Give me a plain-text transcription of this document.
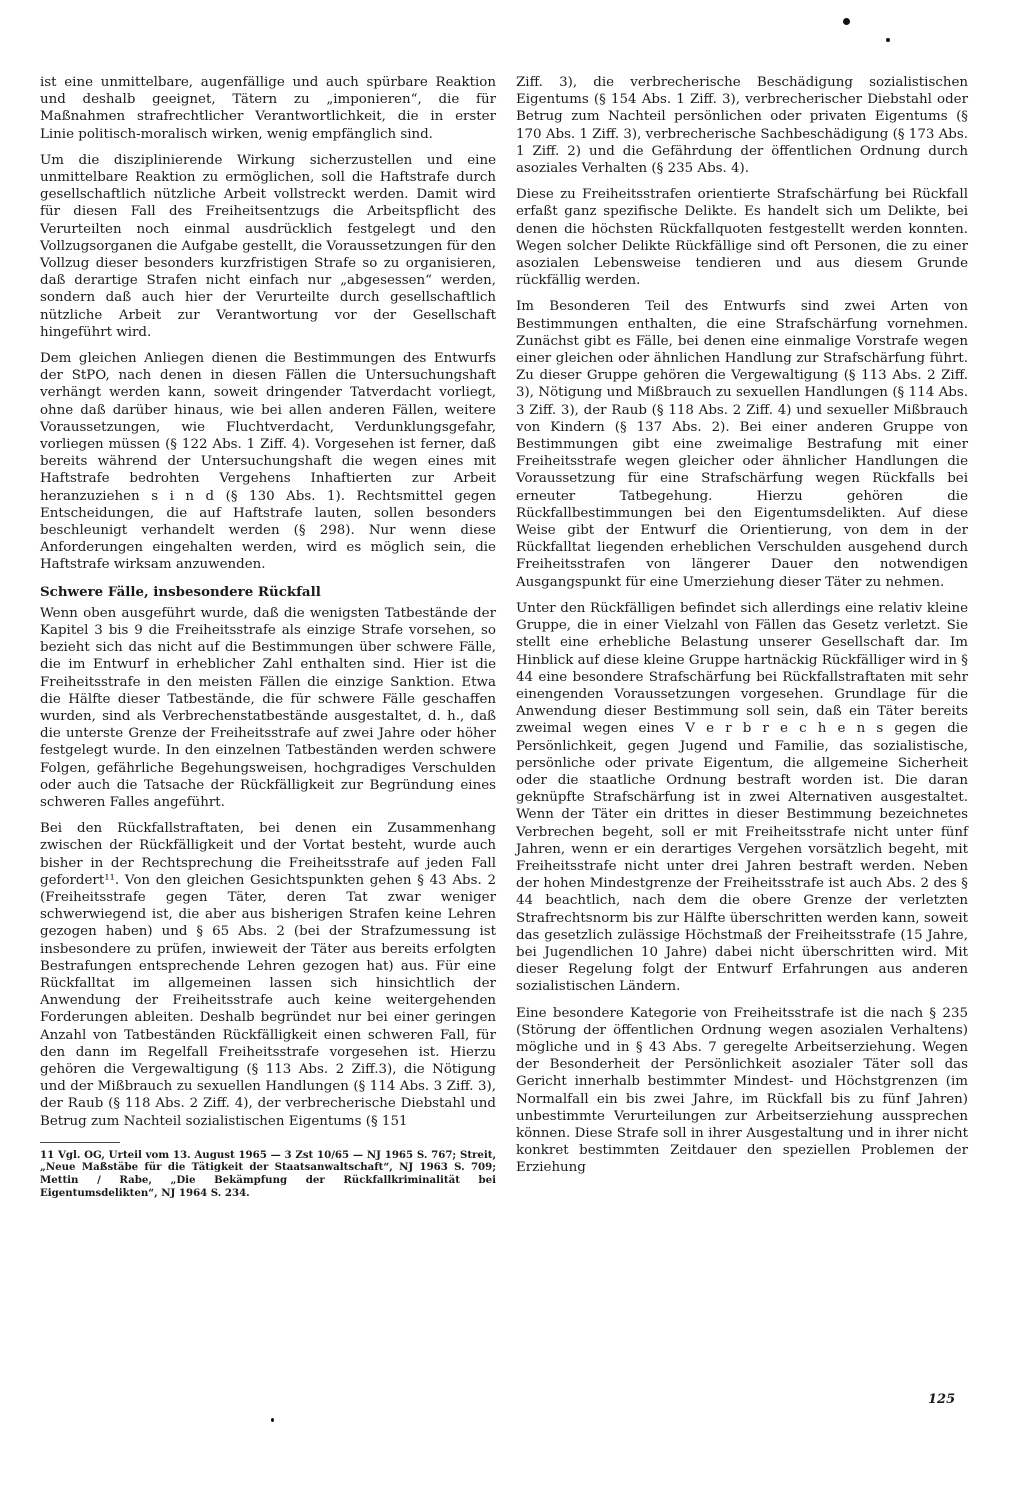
ist eine unmittelbare, augenfällige und auch spürbare Reaktion und deshalb geeignet, Tätern zu „imponieren“, die für Maßnahmen strafrechtlicher Verantwortlichkeit, die in erster Linie politisch-moralisch wirken, wenig empfänglich sind.

Um die disziplinierende Wirkung sicherzustellen und eine unmittelbare Reaktion zu ermöglichen, soll die Haftstrafe durch gesellschaftlich nützliche Arbeit vollstreckt werden. Damit wird für diesen Fall des Freiheitsentzugs die Arbeitspflicht des Verurteilten noch einmal ausdrücklich festgelegt und den Vollzugsorganen die Aufgabe gestellt, die Voraussetzungen für den Vollzug dieser besonders kurzfristigen Strafe so zu organisieren, daß derartige Strafen nicht einfach nur „abgesessen“ werden, sondern daß auch hier der Verurteilte durch gesellschaftlich nützliche Arbeit zur Verantwortung vor der Gesellschaft hingeführt wird.

Dem gleichen Anliegen dienen die Bestimmungen des Entwurfs der StPO, nach denen in diesen Fällen die Untersuchungshaft verhängt werden kann, soweit dringender Tatverdacht vorliegt, ohne daß darüber hinaus, wie bei allen anderen Fällen, weitere Voraussetzungen, wie Fluchtverdacht, Verdunklungsgefahr, vorliegen müssen (§ 122 Abs. 1 Ziff. 4). Vorgesehen ist ferner, daß bereits während der Untersuchungshaft die wegen eines mit Haftstrafe bedrohten Vergehens Inhaftierten zur Arbeit heranzuziehen s i n d (§ 130 Abs. 1). Rechtsmittel gegen Entscheidungen, die auf Haftstrafe lauten, sollen besonders beschleunigt verhandelt werden (§ 298). Nur wenn diese Anforderungen eingehalten werden, wird es möglich sein, die Haftstrafe wirksam anzuwenden.

Schwere Fälle, insbesondere Rückfall

Wenn oben ausgeführt wurde, daß die wenigsten Tatbestände der Kapitel 3 bis 9 die Freiheitsstrafe als einzige Strafe vorsehen, so bezieht sich das nicht auf die Bestimmungen über schwere Fälle, die im Entwurf in erheblicher Zahl enthalten sind. Hier ist die Freiheitsstrafe in den meisten Fällen die einzige Sanktion. Etwa die Hälfte dieser Tatbestände, die für schwere Fälle geschaffen wurden, sind als Verbrechenstatbestände ausgestaltet, d. h., daß die unterste Grenze der Freiheitsstrafe auf zwei Jahre oder höher festgelegt wurde. In den einzelnen Tatbeständen werden schwere Folgen, gefährliche Begehungsweisen, hochgradiges Verschulden oder auch die Tatsache der Rückfälligkeit zur Begründung eines schweren Falles angeführt.

Bei den Rückfallstraftaten, bei denen ein Zusammenhang zwischen der Rückfälligkeit und der Vortat besteht, wurde auch bisher in der Rechtsprechung die Freiheitsstrafe auf jeden Fall gefordert¹¹. Von den gleichen Gesichtspunkten gehen § 43 Abs. 2 (Freiheitsstrafe gegen Täter, deren Tat zwar weniger schwerwiegend ist, die aber aus bisherigen Strafen keine Lehren gezogen haben) und § 65 Abs. 2 (bei der Strafzumessung ist insbesondere zu prüfen, inwieweit der Täter aus bereits erfolgten Bestrafungen entsprechende Lehren gezogen hat) aus. Für eine Rückfalltat im allgemeinen lassen sich hinsichtlich der Anwendung der Freiheitsstrafe auch keine weitergehenden Forderungen ableiten. Deshalb begründet nur bei einer geringen Anzahl von Tatbeständen Rückfälligkeit einen schweren Fall, für den dann im Regelfall Freiheitsstrafe vorgesehen ist. Hierzu gehören die Vergewaltigung (§ 113 Abs. 2 Ziff.3), die Nötigung und der Mißbrauch zu sexuellen Handlungen (§ 114 Abs. 3 Ziff. 3), der Raub (§ 118 Abs. 2 Ziff. 4), der verbrecherische Diebstahl und Betrug zum Nachteil sozialistischen Eigentums (§ 151

11 Vgl. OG, Urteil vom 13. August 1965 — 3 Zst 10/65 — NJ 1965 S. 767; Streit, „Neue Maßstäbe für die Tätigkeit der Staatsanwaltschaft“, NJ 1963 S. 709; Mettin / Rabe, „Die Bekämpfung der Rückfallkriminalität bei Eigentumsdelikten“, NJ 1964 S. 234.

Ziff. 3), die verbrecherische Beschädigung sozialistischen Eigentums (§ 154 Abs. 1 Ziff. 3), verbrecherischer Diebstahl oder Betrug zum Nachteil persönlichen oder privaten Eigentums (§ 170 Abs. 1 Ziff. 3), verbrecherische Sachbeschädigung (§ 173 Abs. 1 Ziff. 2) und die Gefährdung der öffentlichen Ordnung durch asoziales Verhalten (§ 235 Abs. 4).

Diese zu Freiheitsstrafen orientierte Strafschärfung bei Rückfall erfaßt ganz spezifische Delikte. Es handelt sich um Delikte, bei denen die höchsten Rückfallquoten festgestellt werden konnten. Wegen solcher Delikte Rückfällige sind oft Personen, die zu einer asozialen Lebensweise tendieren und aus diesem Grunde rückfällig werden.

Im Besonderen Teil des Entwurfs sind zwei Arten von Bestimmungen enthalten, die eine Strafschärfung vornehmen. Zunächst gibt es Fälle, bei denen eine einmalige Vorstrafe wegen einer gleichen oder ähnlichen Handlung zur Strafschärfung führt. Zu dieser Gruppe gehören die Vergewaltigung (§ 113 Abs. 2 Ziff. 3), Nötigung und Mißbrauch zu sexuellen Handlungen (§ 114 Abs. 3 Ziff. 3), der Raub (§ 118 Abs. 2 Ziff. 4) und sexueller Mißbrauch von Kindern (§ 137 Abs. 2). Bei einer anderen Gruppe von Bestimmungen gibt eine zweimalige Bestrafung mit einer Freiheitsstrafe wegen gleicher oder ähnlicher Handlungen die Voraussetzung für eine Strafschärfung wegen Rückfalls bei erneuter Tatbegehung. Hierzu gehören die Rückfallbestimmungen bei den Eigentumsdelikten. Auf diese Weise gibt der Entwurf die Orientierung, von dem in der Rückfalltat liegenden erheblichen Verschulden ausgehend durch Freiheitsstrafen von längerer Dauer den notwendigen Ausgangspunkt für eine Umerziehung dieser Täter zu nehmen.

Unter den Rückfälligen befindet sich allerdings eine relativ kleine Gruppe, die in einer Vielzahl von Fällen das Gesetz verletzt. Sie stellt eine erhebliche Belastung unserer Gesellschaft dar. Im Hinblick auf diese kleine Gruppe hartnäckig Rückfälliger wird in § 44 eine besondere Strafschärfung bei Rückfallstraftaten mit sehr einengenden Voraussetzungen vorgesehen. Grundlage für die Anwendung dieser Bestimmung soll sein, daß ein Täter bereits zweimal wegen eines V e r b r e c h e n s gegen die Persönlichkeit, gegen Jugend und Familie, das sozialistische, persönliche oder private Eigentum, die allgemeine Sicherheit oder die staatliche Ordnung bestraft worden ist. Die daran geknüpfte Strafschärfung ist in zwei Alternativen ausgestaltet. Wenn der Täter ein drittes in dieser Bestimmung bezeichnetes Verbrechen begeht, soll er mit Freiheitsstrafe nicht unter fünf Jahren, wenn er ein derartiges Vergehen vorsätzlich begeht, mit Freiheitsstrafe nicht unter drei Jahren bestraft werden. Neben der hohen Mindestgrenze der Freiheitsstrafe ist auch Abs. 2 des § 44 beachtlich, nach dem die obere Grenze der verletzten Strafrechtsnorm bis zur Hälfte überschritten werden kann, soweit das gesetzlich zulässige Höchstmaß der Freiheitsstrafe (15 Jahre, bei Jugendlichen 10 Jahre) dabei nicht überschritten wird. Mit dieser Regelung folgt der Entwurf Erfahrungen aus anderen sozialistischen Ländern.

Eine besondere Kategorie von Freiheitsstrafe ist die nach § 235 (Störung der öffentlichen Ordnung wegen asozialen Verhaltens) mögliche und in § 43 Abs. 7 geregelte Arbeitserziehung. Wegen der Besonderheit der Persönlichkeit asozialer Täter soll das Gericht innerhalb bestimmter Mindest- und Höchstgrenzen (im Normalfall ein bis zwei Jahre, im Rückfall bis zu fünf Jahren) unbestimmte Verurteilungen zur Arbeitserziehung aussprechen können. Diese Strafe soll in ihrer Ausgestaltung und in ihrer nicht konkret bestimmten Zeitdauer den speziellen Problemen der Erziehung

125
